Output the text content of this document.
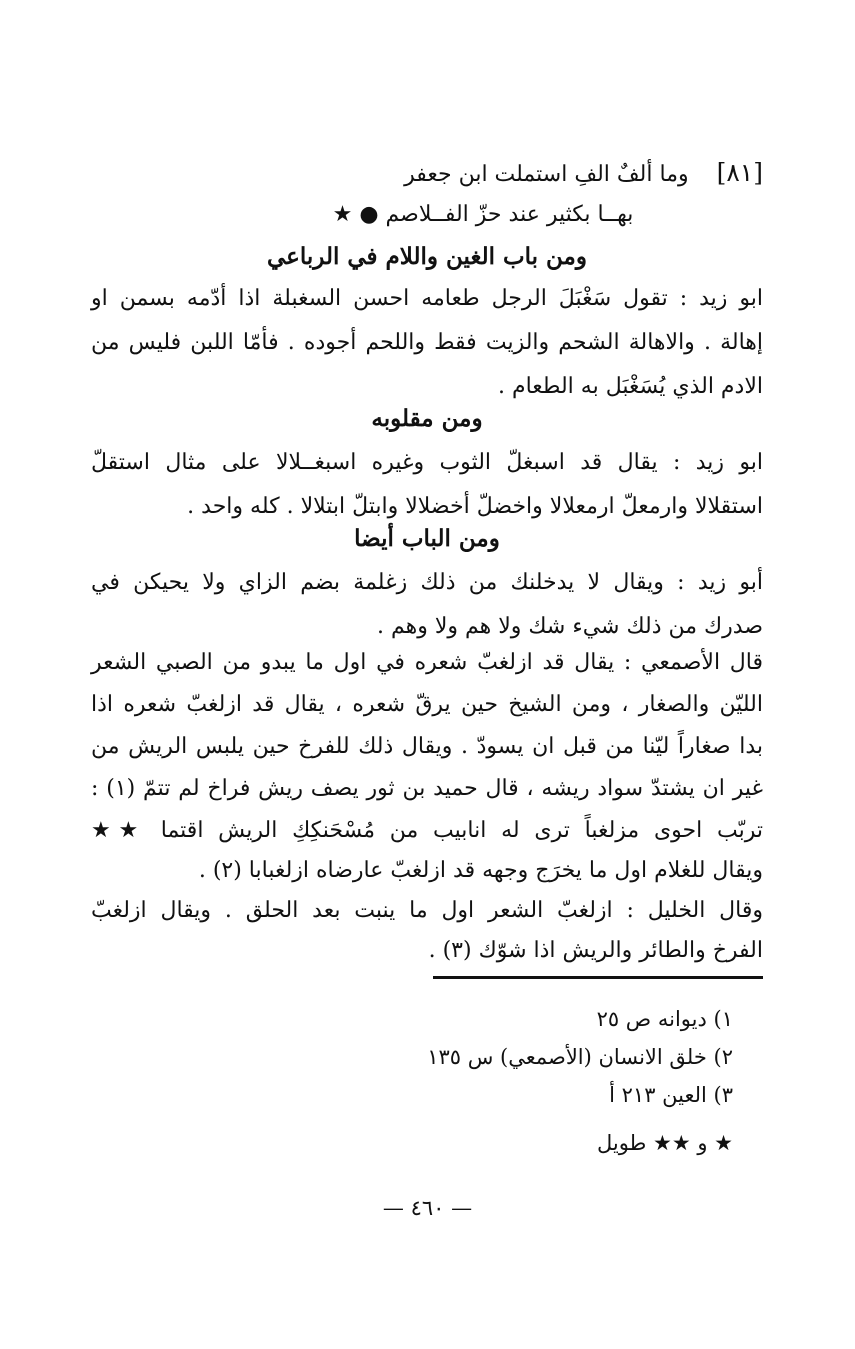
[٨١]وما ألفٌ الفِ استملت ابن جعفر
بهــا بكثير عند حزّ الفــلاصم ● ★
ومن باب الغين واللام في الرباعي
ابو زيد : تقول سَغْبَلَ الرجل طعامه احسن السغبلة اذا أدّمه بسمن او
إهالة . والاهالة الشحم والزيت فقط واللحم أجوده . فأمّا اللبن فليس من
الادم الذي يُسَغْبَل به الطعام .
ومن مقلوبه
ابو زيد : يقال قد اسبغلّ الثوب وغيره اسبغــلالا على مثال استقلّ
استقلالا وارمعلّ ارمعلالا واخضلّ أخضلالا وابتلّ ابتلالا . كله واحد .
ومن الباب أيضا
أبو زيد : ويقال لا يدخلنك من ذلك زغلمة بضم الزاي ولا يحيكن في
صدرك من ذلك شيء شك ولا هم ولا وهم .
قال الأصمعي : يقال قد ازلغبّ شعره في اول ما يبدو من الصبي الشعر
الليّن والصغار ، ومن الشيخ حين يرقّ شعره ، يقال قد ازلغبّ شعره اذا
بدا صغاراً ليّنا من قبل ان يسودّ . ويقال ذلك للفرخ حين يلبس الريش من
غير ان يشتدّ سواد ريشه ، قال حميد بن ثور يصف ريش فراخ لم تتمّ (١) :
تربّب احوى مزلغباً ترى له انابيب من مُسْحَنكِكِ الريش اقتما ★★
ويقال للغلام اول ما يخرَج وجهه قد ازلغبّ عارضاه ازلغبابا (٢) .
وقال الخليل : ازلغبّ الشعر اول ما ينبت بعد الحلق . ويقال ازلغبّ
الفرخ والطائر والريش اذا شوّك (٣) .
١) ديوانه ص ٢٥
٢) خلق الانسان (الأصمعي) س ١٣٥
٣) العين ٢١٣ أ
★ و ★★ طويل
— ٤٦٠ —
